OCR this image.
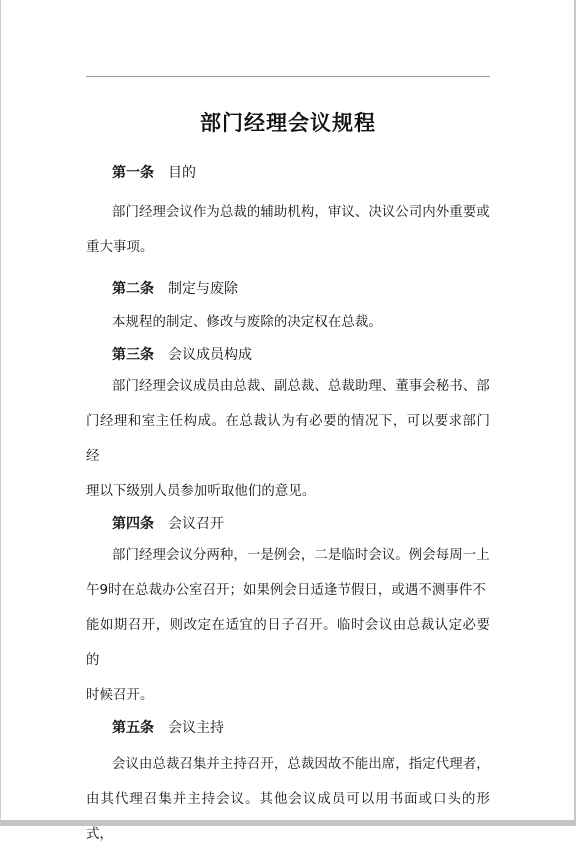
部门经理会议规程

第一条 目的

部门经理会议作为总裁的辅助机构，审议、决议公司内外重要或
重大事项。

第二条 制定与废除

本规程的制定、修改与废除的决定权在总裁。

第三条 会议成员构成

部门经理会议成员由总裁、副总裁、总裁助理、董事会秘书、部
门经理和室主任构成。在总裁认为有必要的情况下，可以要求部门经
理以下级别人员参加听取他们的意见。

第四条 会议召开

部门经理会议分两种，一是例会，二是临时会议。例会每周一上
午9时在总裁办公室召开；如果例会日适逢节假日，或遇不测事件不
能如期召开，则改定在适宜的日子召开。临时会议由总裁认定必要的
时候召开。

第五条 会议主持

会议由总裁召集并主持召开，总裁因故不能出席，指定代理者，
由其代理召集并主持会议。其他会议成员可以用书面或口头的形式，
